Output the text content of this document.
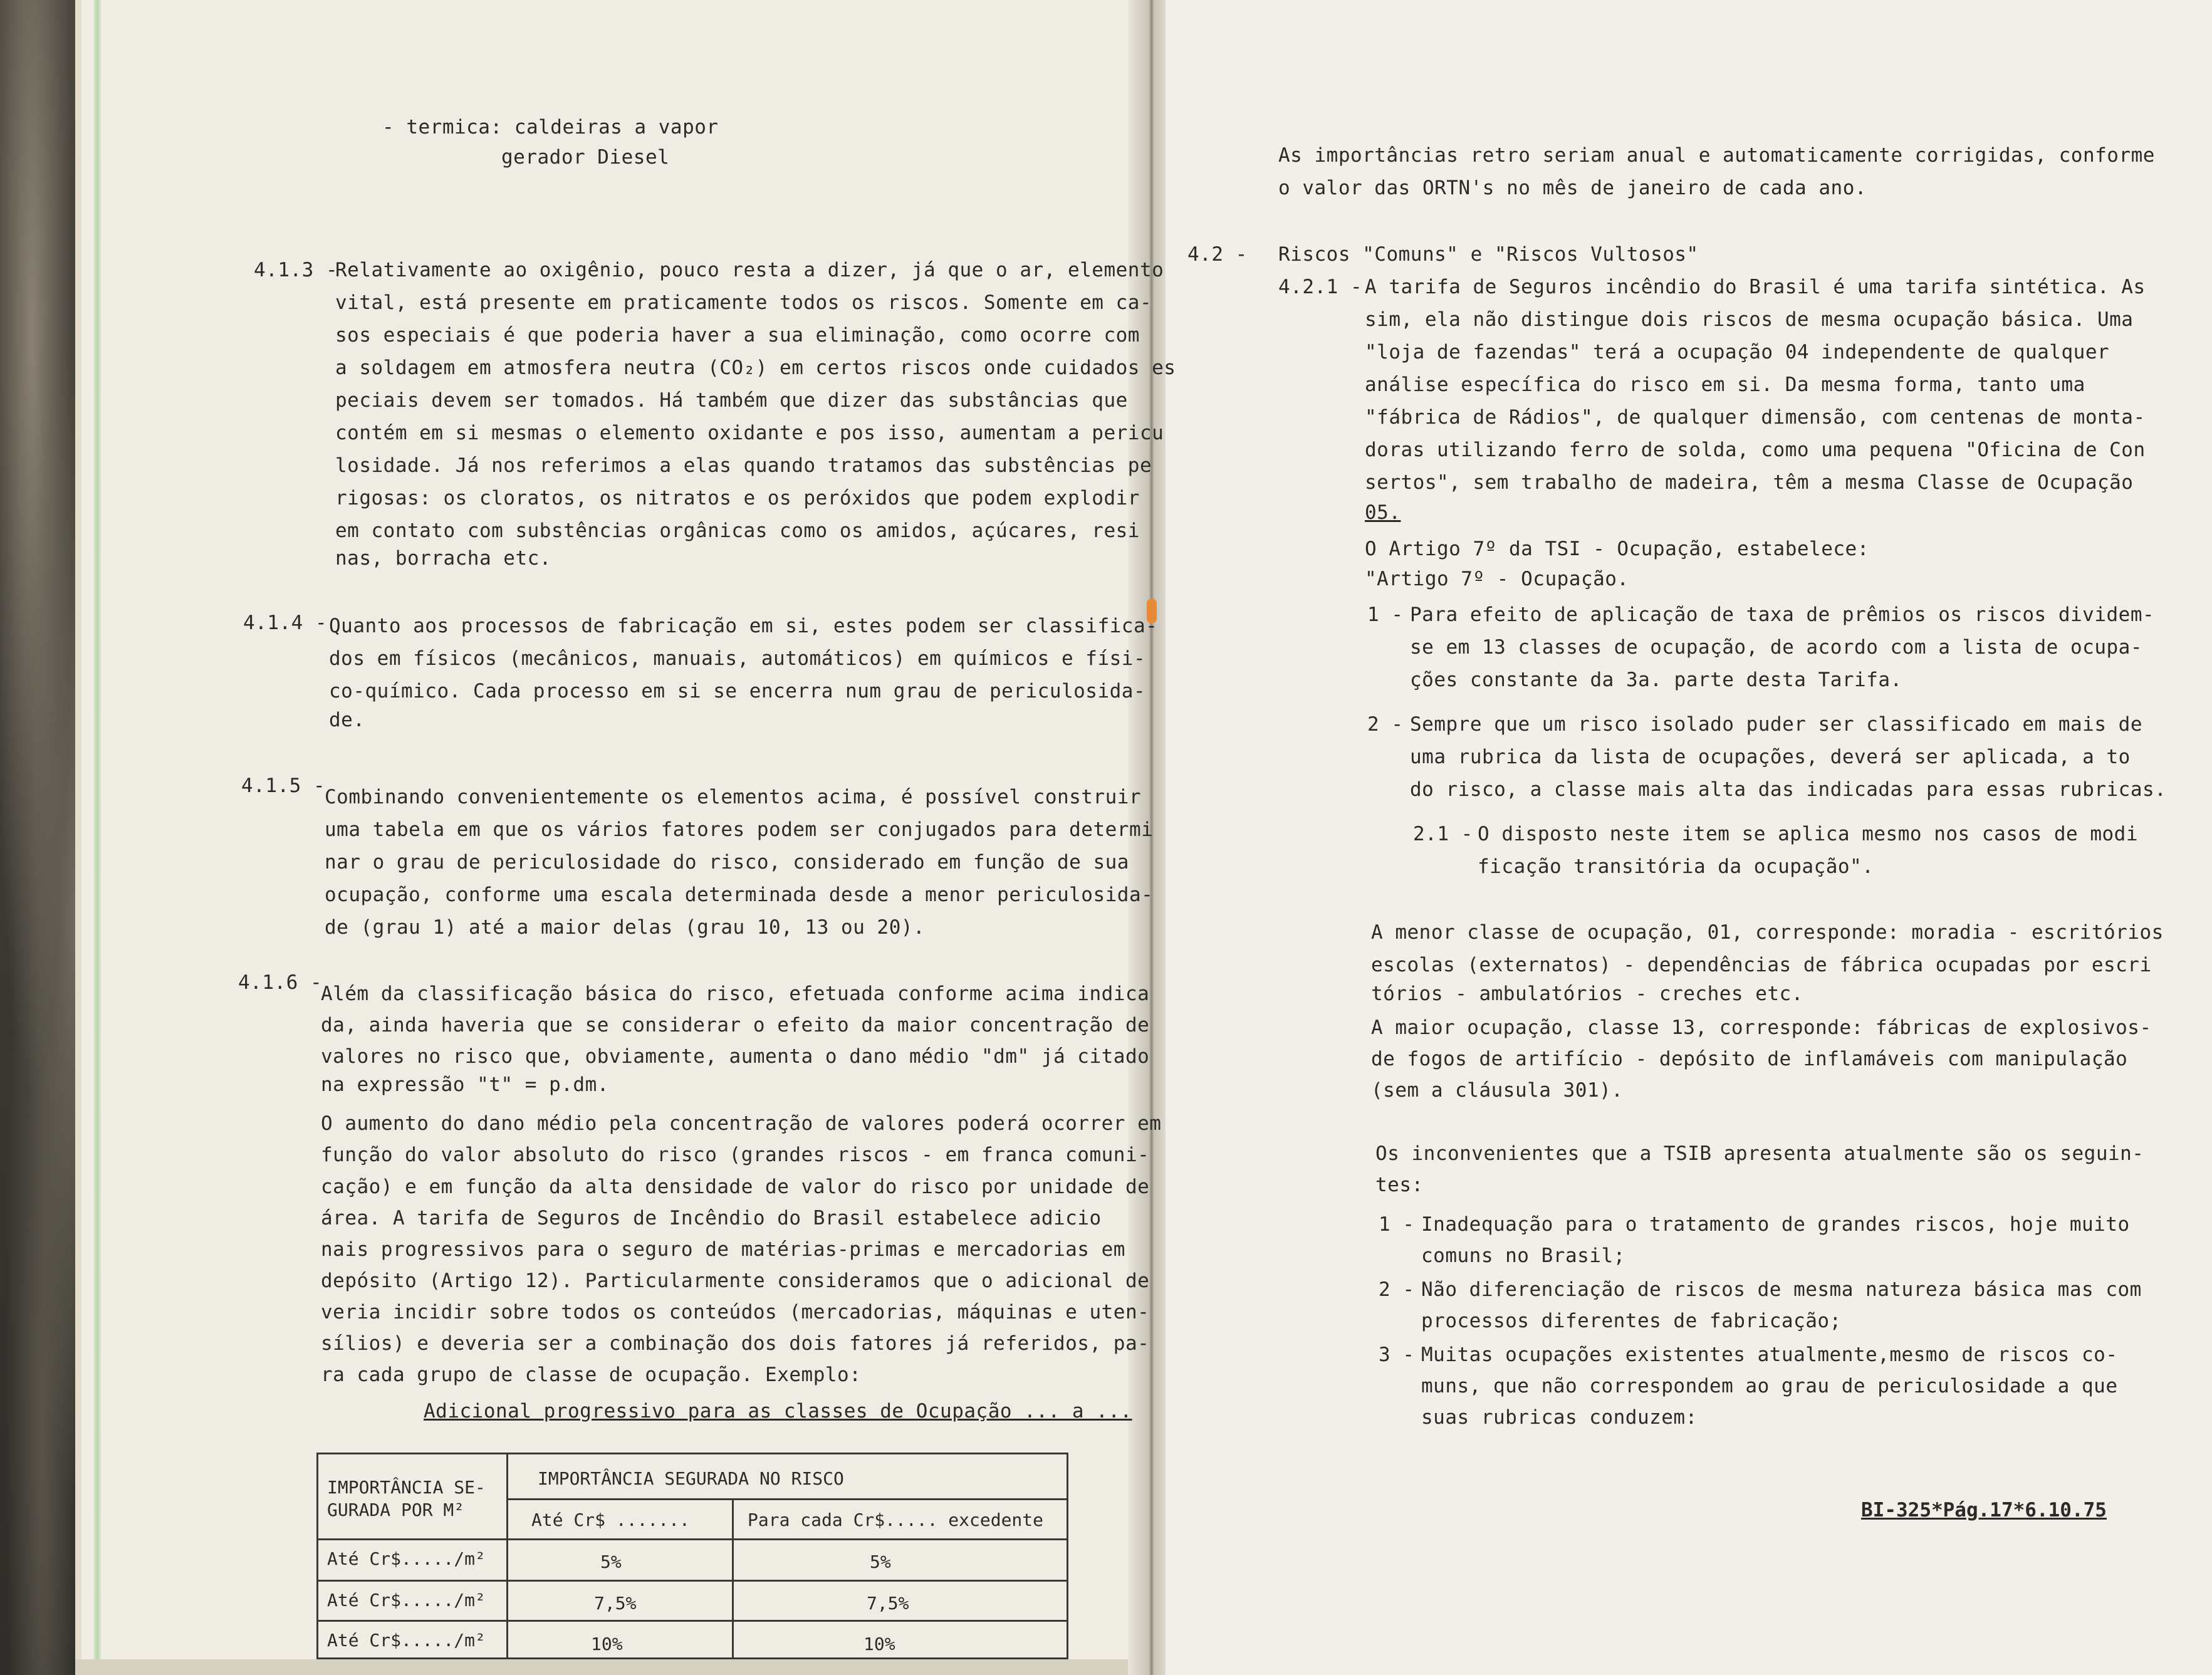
- termica: caldeiras a vapor
gerador Diesel
4.1.3 -
Relativamente ao oxigênio, pouco resta a dizer, já que o ar, elemento
vital, está presente em praticamente todos os riscos. Somente em ca-
sos especiais é que poderia haver a sua eliminação, como ocorre com
a soldagem em atmosfera neutra (CO₂) em certos riscos onde cuidados es
peciais devem ser tomados. Há também que dizer das substâncias que
contém em si mesmas o elemento oxidante e pos isso, aumentam a pericu
losidade. Já nos referimos a elas quando tratamos das substências pe
rigosas: os cloratos, os nitratos e os peróxidos que podem explodir
em contato com substências orgânicas como os amidos, açúcares, resi
nas, borracha etc.
4.1.4 - Quanto aos processos de fabricação em si, estes podem ser classifica-
dos em físicos (mecânicos, manuais, automáticos) em químicos e físi-
co-químico. Cada processo em si se encerra num grau de periculosida-
de.
4.1.5 -
Combinando convenientemente os elementos acima, é possível construir
uma tabela em que os vários fatores podem ser conjugados para determi
nar o grau de periculosidade do risco, considerado em função de sua
ocupação, conforme uma escala determinada desde a menor periculosida-
de (grau 1) até a maior delas (grau 10, 13 ou 20).
4.1.6 -
Além da classificação básica do risco, efetuada conforme acima indica
da, ainda haveria que se considerar o efeito da maior concentração de
valores no risco que, obviamente, aumenta o dano médio "dm" já citado
na expressão "t" = p.dm.
O aumento do dano médio pela concentração de valores poderá ocorrer em
função do valor absoluto do risco (grandes riscos - em franca comuni-
cação) e em função da alta densidade de valor do risco por unidade de
área. A tarifa de Seguros de Incêndio do Brasil estabelece adicio
nais progressivos para o seguro de matérias-primas e mercadorias em
depósito (Artigo 12). Particularmente consideramos que o adicional de
veria incidir sobre todos os conteúdos (mercadorias, máquinas e uten-
sílios) e deveria ser a combinação dos dois fatores já referidos, pa-
ra cada grupo de classe de ocupação. Exemplo:
Adicional progressivo para as classes de Ocupação ... a ...
IMPORTÂNCIA SE-
GURADA POR M²
IMPORTÂNCIA SEGURADA NO RISCO
Até Cr$ .......	Para cada Cr$..... excedente
Até Cr$...../m²	5%	5%
Até Cr$...../m²	7,5%	7,5%
Até Cr$...../m²	10%	10%
As importâncias retro seriam anual e automaticamente corrigidas, conforme
o valor das ORTN's no mês de janeiro de cada ano.
4.2 - Riscos "Comuns" e "Riscos Vultosos"
4.2.1 - A tarifa de Seguros incêndio do Brasil é uma tarifa sintética. As
sim, ela não distingue dois riscos de mesma ocupação básica. Uma
"loja de fazendas" terá a ocupação 04 independente de qualquer
análise específica do risco em si. Da mesma forma, tanto uma
"fábrica de Rádios", de qualquer dimensão, com centenas de monta-
doras utilizando ferro de solda, como uma pequena "Oficina de Con
sertos", sem trabalho de madeira, têm a mesma Classe de Ocupação
05.
O Artigo 7º da TSI - Ocupação, estabelece:
"Artigo 7º - Ocupação.
1 - Para efeito de aplicação de taxa de prêmios os riscos dividem-
se em 13 classes de ocupação, de acordo com a lista de ocupa-
ções constante da 3a. parte desta Tarifa.
2 - Sempre que um risco isolado puder ser classificado em mais de
uma rubrica da lista de ocupações, deverá ser aplicada, a to
do risco, a classe mais alta das indicadas para essas rubricas.
2.1 - O disposto neste item se aplica mesmo nos casos de modi
ficação transitória da ocupação".
A menor classe de ocupação, 01, corresponde: moradia - escritórios
escolas (externatos) - dependências de fábrica ocupadas por escri
tórios - ambulatórios - creches etc.
A maior ocupação, classe 13, corresponde: fábricas de explosivos-
de fogos de artifício - depósito de inflamáveis com manipulação
(sem a cláusula 301).
Os inconvenientes que a TSIB apresenta atualmente são os seguin-
tes:
1 - Inadequação para o tratamento de grandes riscos, hoje muito
comuns no Brasil;
2 - Não diferenciação de riscos de mesma natureza básica mas com
processos diferentes de fabricação;
3 - Muitas ocupações existentes atualmente,mesmo de riscos co-
muns, que não correspondem ao grau de periculosidade a que
suas rubricas conduzem:
BI-325*Pág.17*6.10.75
